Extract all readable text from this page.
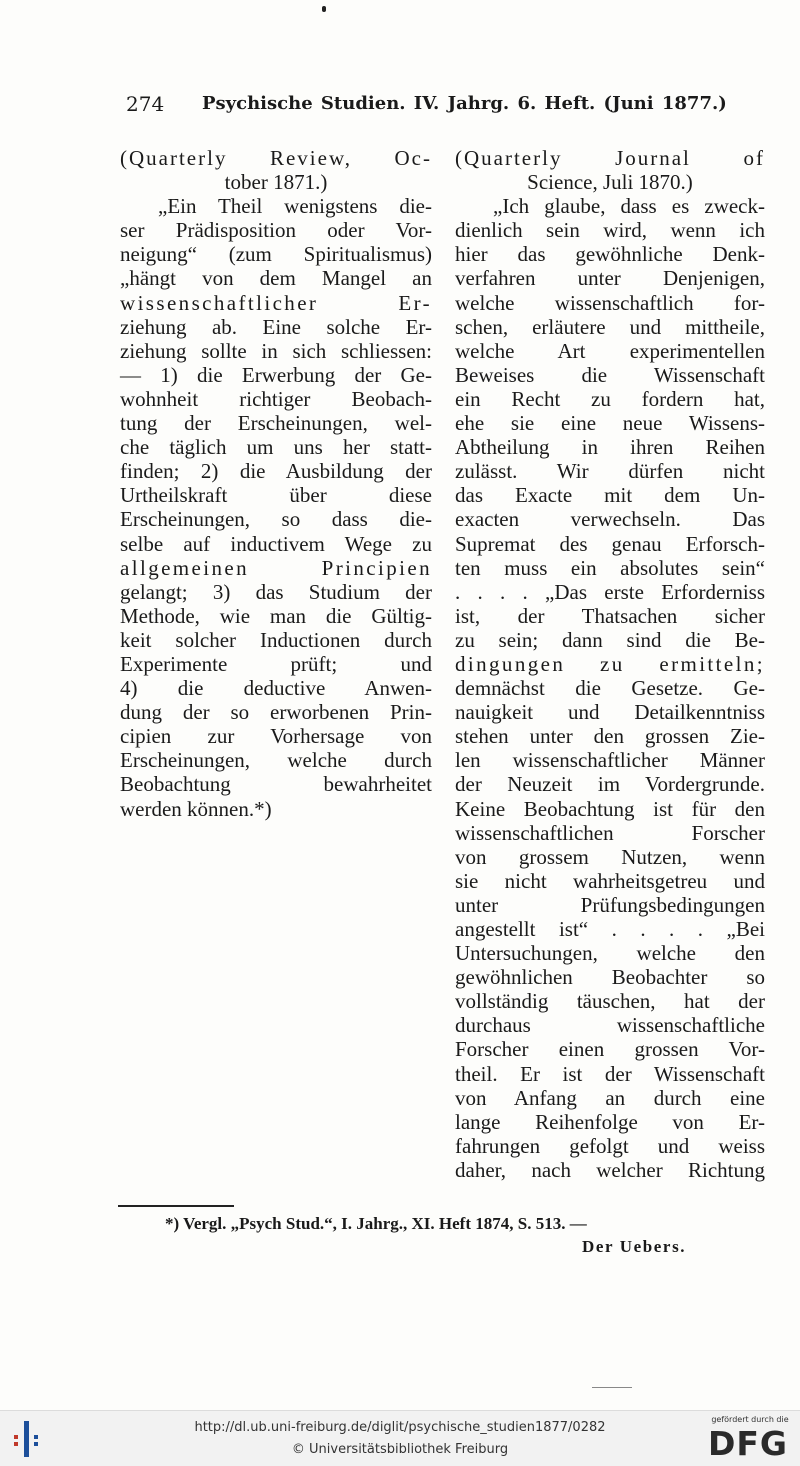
274 Psychische Studien. IV. Jahrg. 6. Heft. (Juni 1877.)
(Quarterly Review, Oc-
tober 1871.)
„Ein Theil wenigstens die-
ser Prädisposition oder Vor-
neigung“ (zum Spiritualismus)
„hängt von dem Mangel an
wissenschaftlicher Er-
ziehung ab. Eine solche Er-
ziehung sollte in sich schliessen:
— 1) die Erwerbung der Ge-
wohnheit richtiger Beobach-
tung der Erscheinungen, wel-
che täglich um uns her statt-
finden; 2) die Ausbildung der
Urtheilskraft über diese
Erscheinungen, so dass die-
selbe auf inductivem Wege zu
allgemeinen Principien
gelangt; 3) das Studium der
Methode, wie man die Gültig-
keit solcher Inductionen durch
Experimente prüft; und
4) die deductive Anwen-
dung der so erworbenen Prin-
cipien zur Vorhersage von
Erscheinungen, welche durch
Beobachtung bewahrheitet
werden können.*)
(Quarterly Journal of
Science, Juli 1870.)
„Ich glaube, dass es zweck-
dienlich sein wird, wenn ich
hier das gewöhnliche Denk-
verfahren unter Denjenigen,
welche wissenschaftlich for-
schen, erläutere und mittheile,
welche Art experimentellen
Beweises die Wissenschaft
ein Recht zu fordern hat,
ehe sie eine neue Wissens-
Abtheilung in ihren Reihen
zulässt. Wir dürfen nicht
das Exacte mit dem Un-
exacten verwechseln. Das
Supremat des genau Erforsch-
ten muss ein absolutes sein“
. . . . „Das erste Erforderniss
ist, der Thatsachen sicher
zu sein; dann sind die Be-
dingungen zu ermitteln;
demnächst die Gesetze. Ge-
nauigkeit und Detailkenntniss
stehen unter den grossen Zie-
len wissenschaftlicher Männer
der Neuzeit im Vordergrunde.
Keine Beobachtung ist für den
wissenschaftlichen Forscher
von grossem Nutzen, wenn
sie nicht wahrheitsgetreu und
unter Prüfungsbedingungen
angestellt ist“ . . . . „Bei
Untersuchungen, welche den
gewöhnlichen Beobachter so
vollständig täuschen, hat der
durchaus wissenschaftliche
Forscher einen grossen Vor-
theil. Er ist der Wissenschaft
von Anfang an durch eine
lange Reihenfolge von Er-
fahrungen gefolgt und weiss
daher, nach welcher Richtung
*) Vergl. „Psych Stud.“, I. Jahrg., XI. Heft 1874, S. 513. —
Der Uebers.
http://dl.ub.uni-freiburg.de/diglit/psychische_studien1877/0282
© Universitätsbibliothek Freiburg
gefördert durch die
DFG
